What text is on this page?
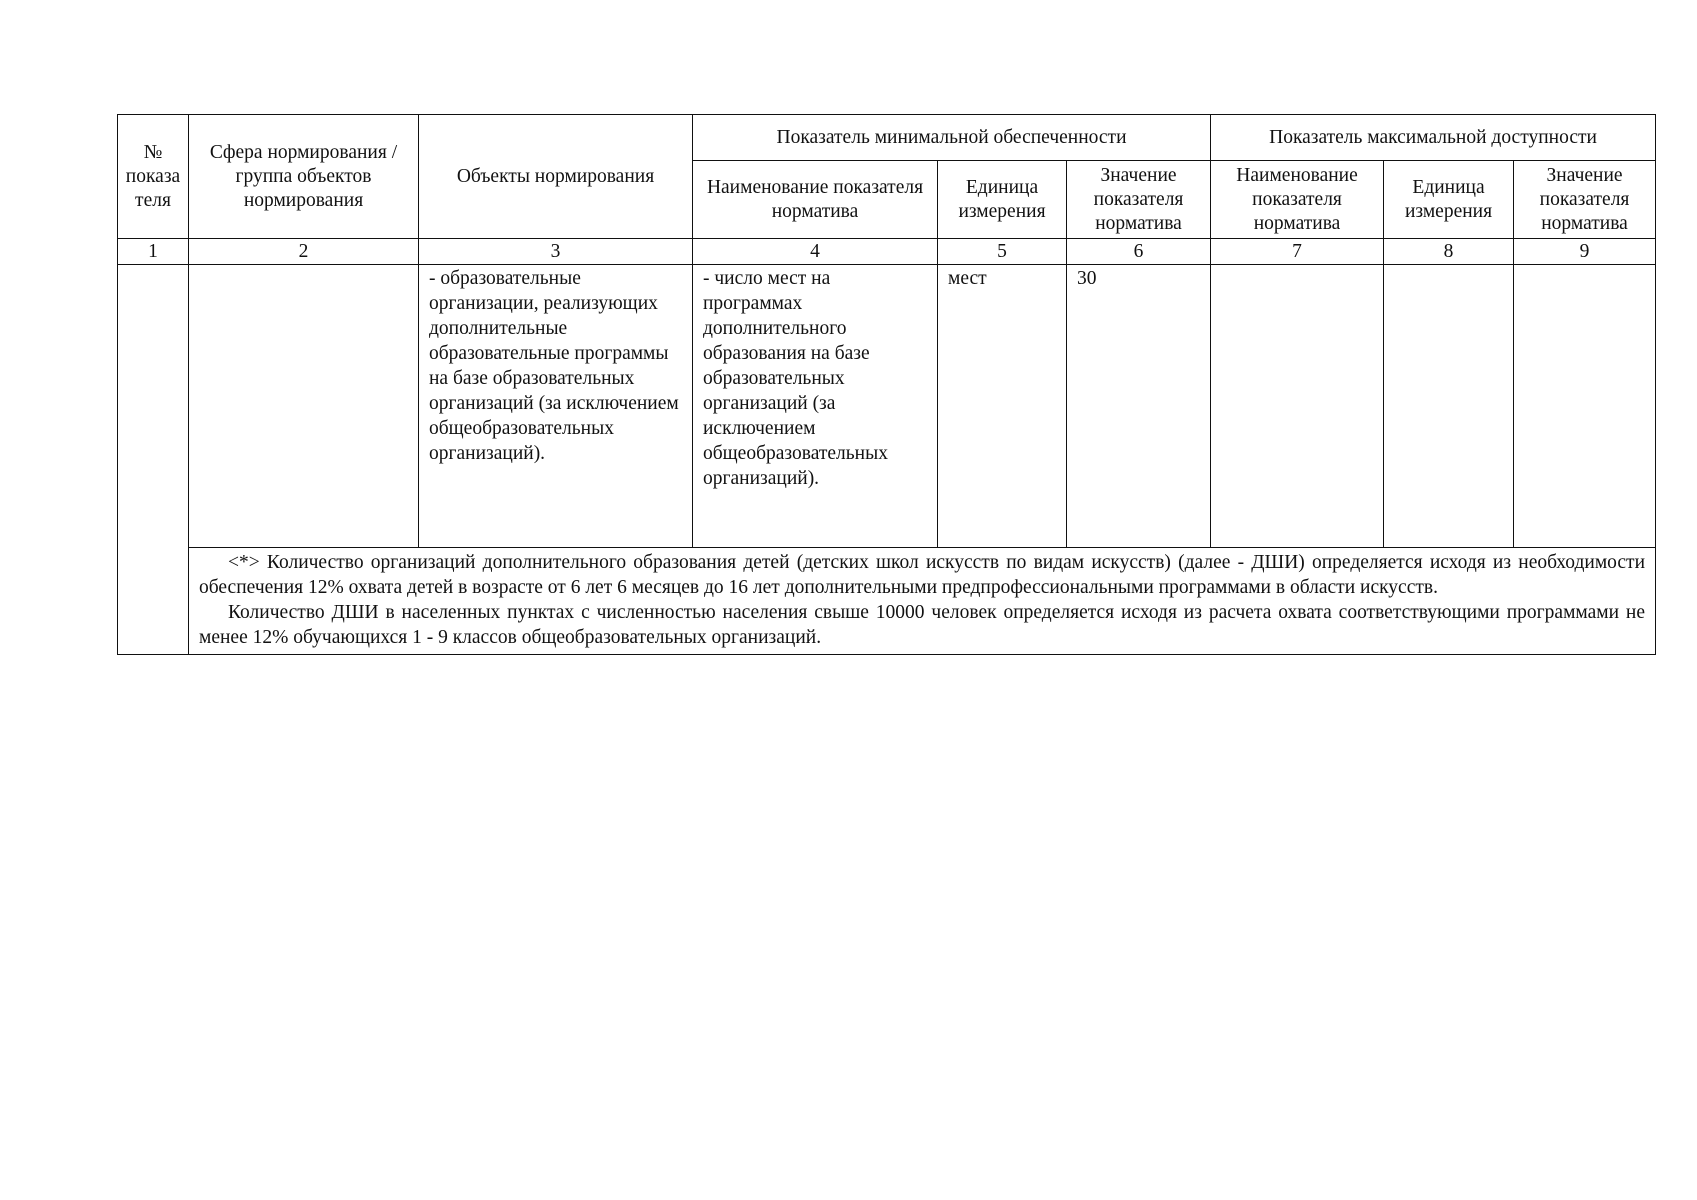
№ показа теля	Сфера нормирования / группа объектов нормирования	Объекты нормирования	Показатель минимальной обеспеченности			Показатель максимальной доступности		
			Наименование показателя норматива	Единица измерения	Значение показателя норматива	Наименование показателя норматива	Единица измерения	Значение показателя норматива
1	2	3	4	5	6	7	8	9
		- образовательные организации, реализующих дополнительные образовательные программы на базе образовательных организаций (за исключением общеобразовательных организаций).	- число мест на программах дополнительного образования на базе образовательных организаций (за исключением общеобразовательных организаций).	мест	30			

	<*> Количество организаций дополнительного образования детей (детских школ искусств по видам искусств) (далее - ДШИ) определяется исходя из необходимости обеспечения 12% охвата детей в возрасте от 6 лет 6 месяцев до 16 лет дополнительными предпрофессиональными программами в области искусств.

Количество ДШИ в населенных пунктах с численностью населения свыше 10000 человек определяется исходя из расчета охвата соответствующими программами не менее 12% обучающихся 1 - 9 классов общеобразовательных организаций.							
